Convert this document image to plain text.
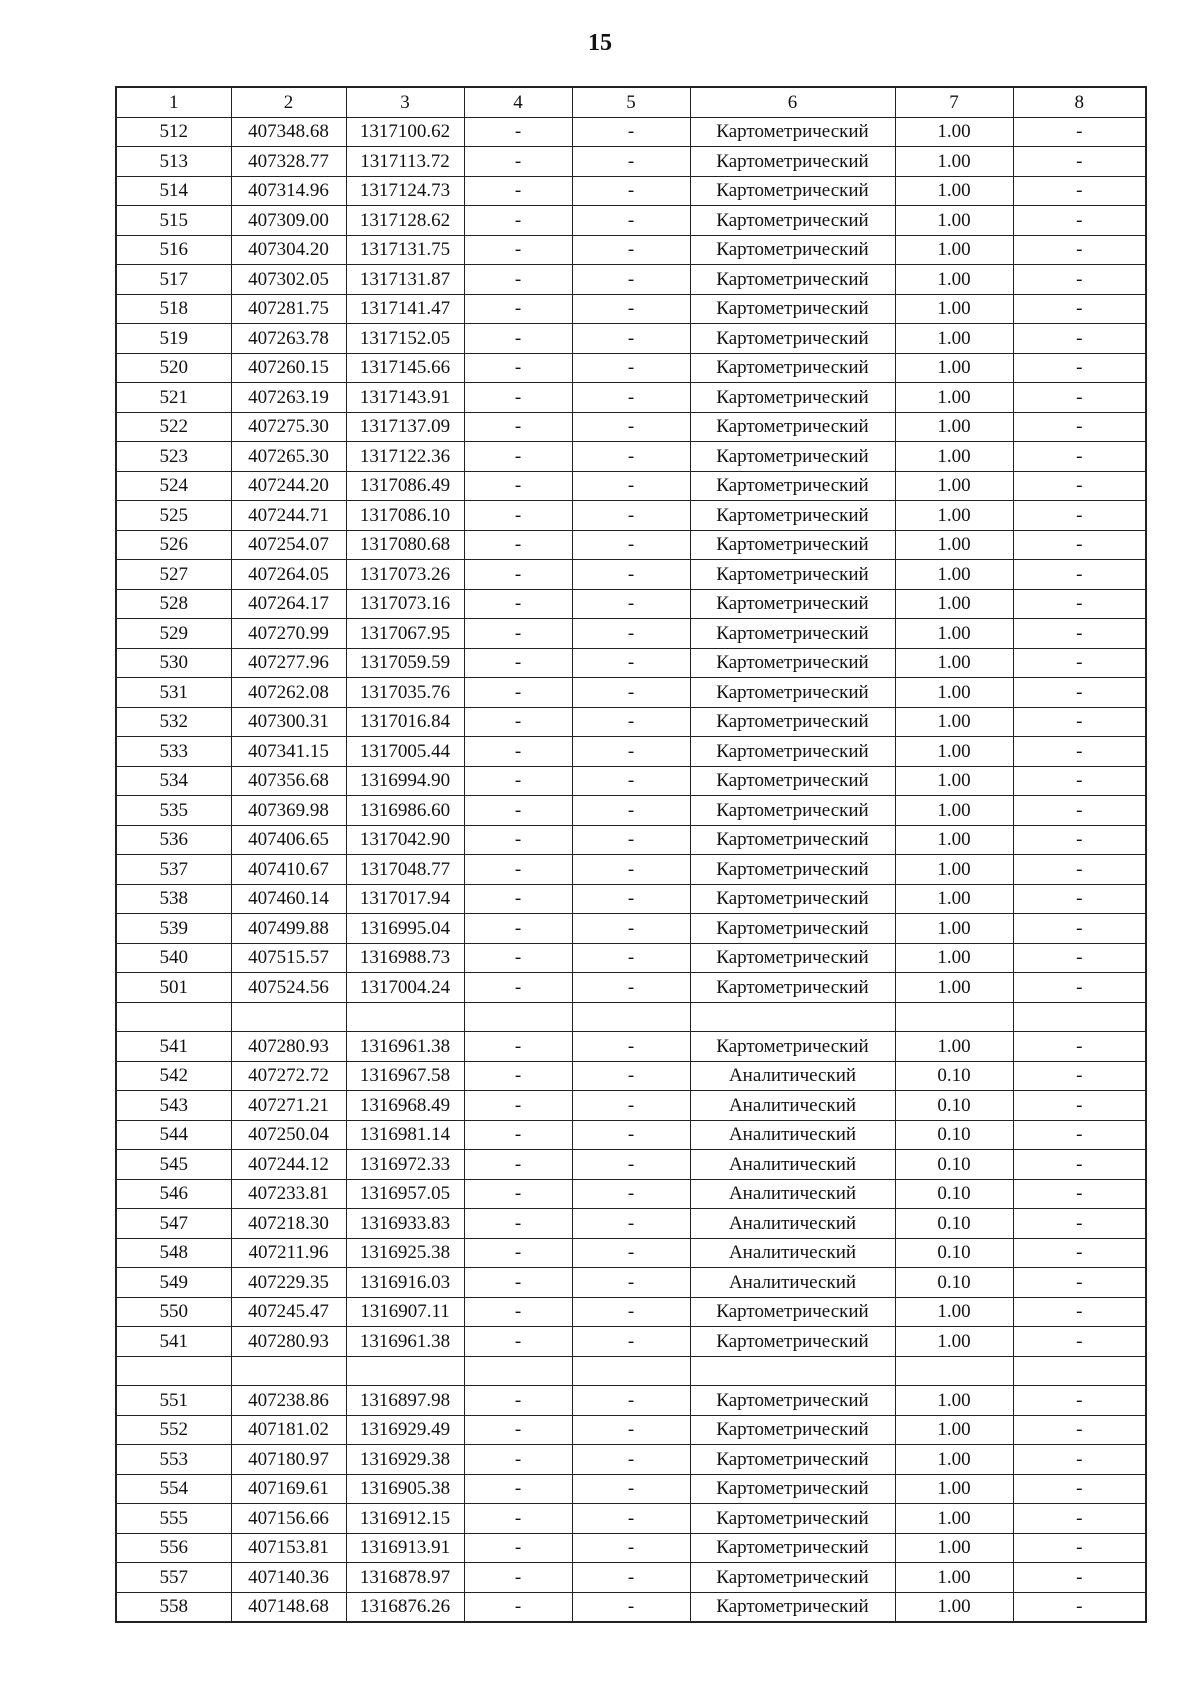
15
1	2	3	4	5	6	7	8
512	407348.68	1317100.62	-	-	Картометрический	1.00	-
513	407328.77	1317113.72	-	-	Картометрический	1.00	-
514	407314.96	1317124.73	-	-	Картометрический	1.00	-
515	407309.00	1317128.62	-	-	Картометрический	1.00	-
516	407304.20	1317131.75	-	-	Картометрический	1.00	-
517	407302.05	1317131.87	-	-	Картометрический	1.00	-
518	407281.75	1317141.47	-	-	Картометрический	1.00	-
519	407263.78	1317152.05	-	-	Картометрический	1.00	-
520	407260.15	1317145.66	-	-	Картометрический	1.00	-
521	407263.19	1317143.91	-	-	Картометрический	1.00	-
522	407275.30	1317137.09	-	-	Картометрический	1.00	-
523	407265.30	1317122.36	-	-	Картометрический	1.00	-
524	407244.20	1317086.49	-	-	Картометрический	1.00	-
525	407244.71	1317086.10	-	-	Картометрический	1.00	-
526	407254.07	1317080.68	-	-	Картометрический	1.00	-
527	407264.05	1317073.26	-	-	Картометрический	1.00	-
528	407264.17	1317073.16	-	-	Картометрический	1.00	-
529	407270.99	1317067.95	-	-	Картометрический	1.00	-
530	407277.96	1317059.59	-	-	Картометрический	1.00	-
531	407262.08	1317035.76	-	-	Картометрический	1.00	-
532	407300.31	1317016.84	-	-	Картометрический	1.00	-
533	407341.15	1317005.44	-	-	Картометрический	1.00	-
534	407356.68	1316994.90	-	-	Картометрический	1.00	-
535	407369.98	1316986.60	-	-	Картометрический	1.00	-
536	407406.65	1317042.90	-	-	Картометрический	1.00	-
537	407410.67	1317048.77	-	-	Картометрический	1.00	-
538	407460.14	1317017.94	-	-	Картометрический	1.00	-
539	407499.88	1316995.04	-	-	Картометрический	1.00	-
540	407515.57	1316988.73	-	-	Картометрический	1.00	-
501	407524.56	1317004.24	-	-	Картометрический	1.00	-

541	407280.93	1316961.38	-	-	Картометрический	1.00	-
542	407272.72	1316967.58	-	-	Аналитический	0.10	-
543	407271.21	1316968.49	-	-	Аналитический	0.10	-
544	407250.04	1316981.14	-	-	Аналитический	0.10	-
545	407244.12	1316972.33	-	-	Аналитический	0.10	-
546	407233.81	1316957.05	-	-	Аналитический	0.10	-
547	407218.30	1316933.83	-	-	Аналитический	0.10	-
548	407211.96	1316925.38	-	-	Аналитический	0.10	-
549	407229.35	1316916.03	-	-	Аналитический	0.10	-
550	407245.47	1316907.11	-	-	Картометрический	1.00	-
541	407280.93	1316961.38	-	-	Картометрический	1.00	-

551	407238.86	1316897.98	-	-	Картометрический	1.00	-
552	407181.02	1316929.49	-	-	Картометрический	1.00	-
553	407180.97	1316929.38	-	-	Картометрический	1.00	-
554	407169.61	1316905.38	-	-	Картометрический	1.00	-
555	407156.66	1316912.15	-	-	Картометрический	1.00	-
556	407153.81	1316913.91	-	-	Картометрический	1.00	-
557	407140.36	1316878.97	-	-	Картометрический	1.00	-
558	407148.68	1316876.26	-	-	Картометрический	1.00	-
